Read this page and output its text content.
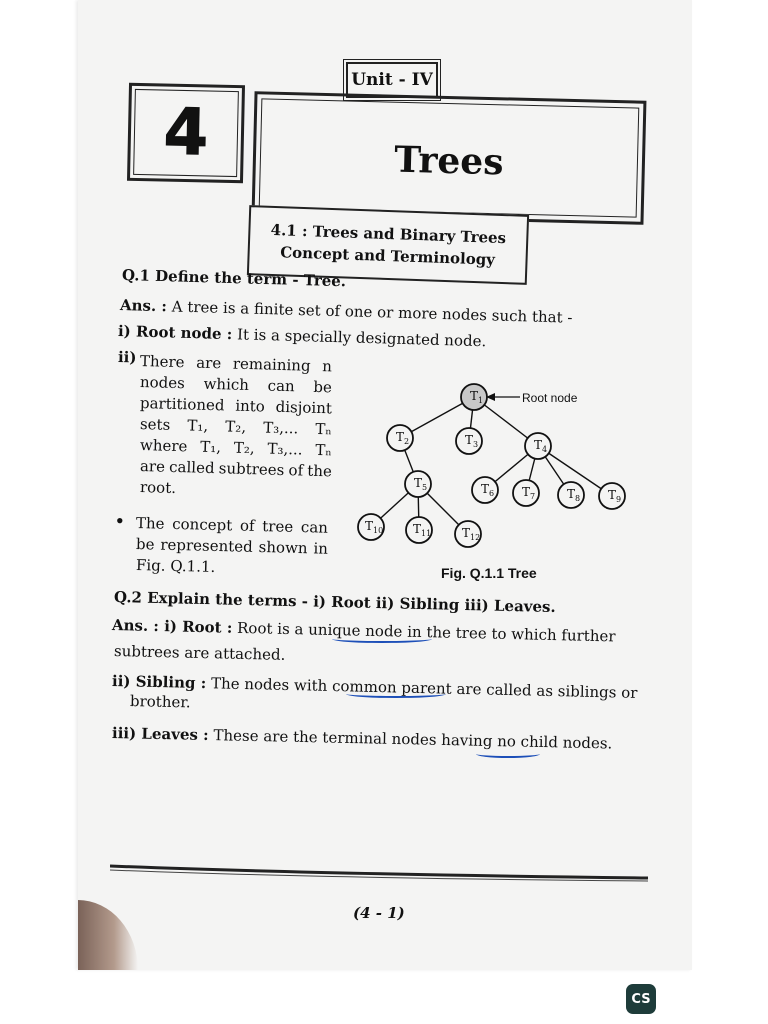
Unit - IV
4	Trees
4.1 : Trees and Binary Trees
Concept and Terminology
Q.1 Define the term - Tree.
Ans. : A tree is a finite set of one or more nodes such that -
i) Root node : It is a specially designated node.
ii) There are remaining n
nodes which can be
partitioned into disjoint
sets T₁, T₂, T₃,... Tₙ
where T₁, T₂, T₃,... Tₙ
are called subtrees of the
root.
• The concept of tree can
be represented shown in
Fig. Q.1.1.
$T_1$
$T_2$	$T_3$	$T_4$
$T_5$	$T_6$ $T_7$	$T_8$ $T_9$
$T_{10}$ $T_{11}$	$T_{12}$
Root node
Fig. Q.1.1 Tree
Q.2 Explain the terms - i) Root ii) Sibling iii) Leaves.
Ans. : i) Root : Root is a unique node in the tree to which further
subtrees are attached.
ii) Sibling : The nodes with common parent are called as siblings or
brother.
iii) Leaves : These are the terminal nodes having no child nodes.
(4 - 1)
CS
